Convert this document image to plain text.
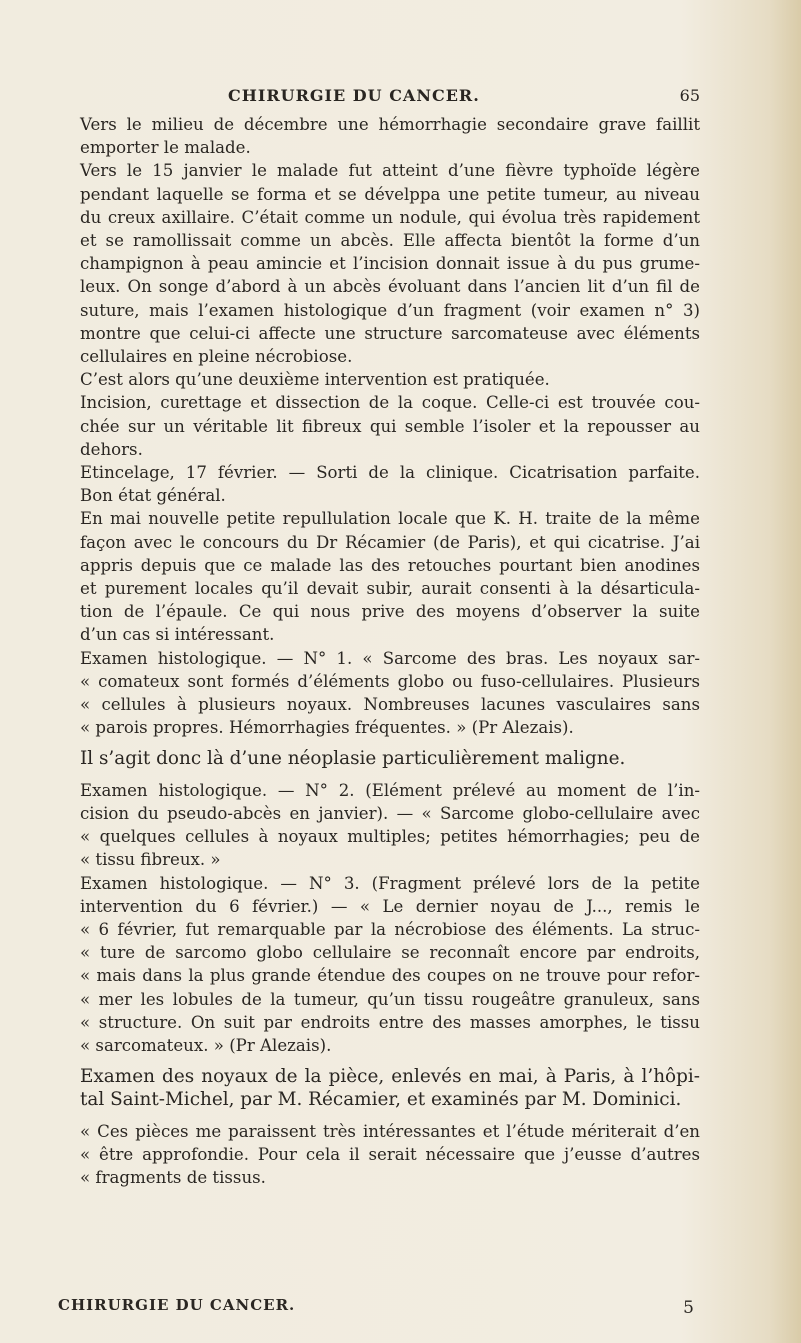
CHIRURGIE DU CANCER.	65

Vers le milieu de décembre une hémorrhagie secondaire grave faillit
emporter le malade.

Vers le 15 janvier le malade fut atteint d’une fièvre typhoïde légère
pendant laquelle se forma et se dévelppa une petite tumeur, au niveau
du creux axillaire. C’était comme un nodule, qui évolua très rapidement
et se ramollissait comme un abcès. Elle affecta bientôt la forme d’un
champignon à peau amincie et l’incision donnait issue à du pus grume-
leux. On songe d’abord à un abcès évoluant dans l’ancien lit d’un fil de
suture, mais l’examen histologique d’un fragment (voir examen n° 3)
montre que celui-ci affecte une structure sarcomateuse avec éléments
cellulaires en pleine nécrobiose.

C’est alors qu’une deuxième intervention est pratiquée.

Incision, curettage et dissection de la coque. Celle-ci est trouvée cou-
chée sur un véritable lit fibreux qui semble l’isoler et la repousser au
dehors.

Etincelage, 17 février. — Sorti de la clinique. Cicatrisation parfaite.
Bon état général.

En mai nouvelle petite repullulation locale que K. H. traite de la même
façon avec le concours du Dr Récamier (de Paris), et qui cicatrise. J’ai
appris depuis que ce malade las des retouches pourtant bien anodines
et purement locales qu’il devait subir, aurait consenti à la désarticula-
tion de l’épaule. Ce qui nous prive des moyens d’observer la suite
d’un cas si intéressant.

Examen histologique. — N° 1. « Sarcome des bras. Les noyaux sar-
« comateux sont formés d’éléments globo ou fuso-cellulaires. Plusieurs
« cellules à plusieurs noyaux. Nombreuses lacunes vasculaires sans
« parois propres. Hémorrhagies fréquentes. » (Pr Alezais).

Il s’agit donc là d’une néoplasie particulièrement maligne.

Examen histologique. — N° 2. (Elément prélevé au moment de l’in-
cision du pseudo-abcès en janvier). — « Sarcome globo-cellulaire avec
« quelques cellules à noyaux multiples; petites hémorrhagies; peu de
« tissu fibreux. »

Examen histologique. — N° 3. (Fragment prélevé lors de la petite
intervention du 6 février.) — « Le dernier noyau de J..., remis le
« 6 février, fut remarquable par la nécrobiose des éléments. La struc-
« ture de sarcomo globo cellulaire se reconnaît encore par endroits,
« mais dans la plus grande étendue des coupes on ne trouve pour refor-
« mer les lobules de la tumeur, qu’un tissu rougeâtre granuleux, sans
« structure. On suit par endroits entre des masses amorphes, le tissu
« sarcomateux. » (Pr Alezais).

Examen des noyaux de la pièce, enlevés en mai, à Paris, à l’hôpi-
tal Saint-Michel, par M. Récamier, et examinés par M. Dominici.

« Ces pièces me paraissent très intéressantes et l’étude mériterait d’en
« être approfondie. Pour cela il serait nécessaire que j’eusse d’autres
« fragments de tissus.

CHIRURGIE DU CANCER.	5
